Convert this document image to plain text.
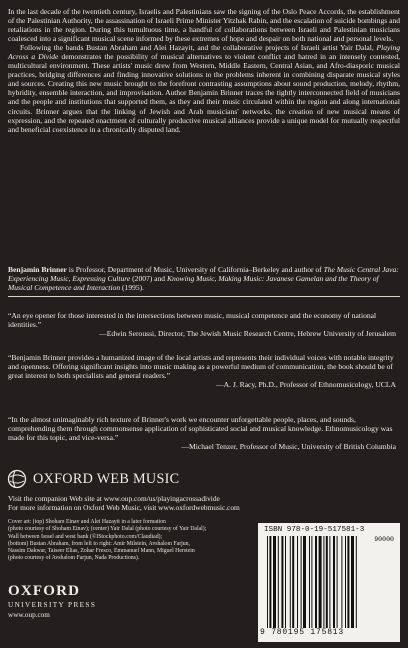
In the last decade of the twentieth century, Israelis and Palestinians saw the signing of the Oslo Peace Accords, the establishment of the Palestinian Authority, the assassination of Israeli Prime Minister Yitzhak Rabin, and the escalation of suicide bombings and retaliations in the region. During this tumultuous time, a handful of collaborations between Israeli and Palestinian musicians coalesced into a significant musical scene informed by these extremes of hope and despair on both national and personal levels.

Following the bands Bustan Abraham and Alei Hazayit, and the collaborative projects of Israeli artist Yair Dalal, Playing Across a Divide demonstrates the possibility of musical alternatives to violent conflict and hatred in an intensely contested, multicultural environment. These artists' music drew from Western, Middle Eastern, Central Asian, and Afro-diasporic musical practices, bridging differences and finding innovative solutions to the problems inherent in combining disparate musical styles and sources. Creating this new music brought to the forefront contrasting assumptions about sound production, melody, rhythm, hybridity, ensemble interaction, and improvisation. Author Benjamin Brinner traces the tightly interconnected field of musicians and the people and institutions that supported them, as they and their music circulated within the region and along international circuits. Brinner argues that the linking of Jewish and Arab musicians' networks, the creation of new musical means of expression, and the repeated enactment of culturally productive musical alliances provide a unique model for mutually respectful and beneficial coexistence in a chronically disputed land.

Benjamin Brinner is Professor, Department of Music, University of California–Berkeley and author of The Music Central Java: Experiencing Music, Expressing Culture (2007) and Knowing Music, Making Music: Javanese Gamelan and the Theory of Musical Competence and Interaction (1995).

“An eye opener for those interested in the intersections between music, musical competence and the economy of national identities.”

—Edwin Seroussi, Director, The Jewish Music Research Centre, Hebrew University of Jerusalem

“Benjamin Brinner provides a humanized image of the local artists and represents their individual voices with notable integrity and openness. Offering significant insights into music making as a powerful medium of communication, the book should be of great interest to both specialists and general readers.”

—A. J. Racy, Ph.D., Professor of Ethnomusicology, UCLA

“In the almost unimaginably rich texture of Brinner's work we encounter unforgettable people, places, and sounds, comprehending them through commonsense application of sophisticated social and musical knowledge. Ethnomusicology was made for this topic, and vice-versa.”

—Michael Tenzer, Professor of Music, University of British Columbia
OXFORD WEB MUSIC

Visit the companion Web site at www.oup.com/us/playingacrossadivide

For more information on Oxford Web Music, visit www.oxfordwebmusic.com

Cover art: (top) Shoham Einav and Alei Hazayit in a later formation

(photo courtesy of Shoham Einav); (center) Yair Dalal (photo courtesy of Yair Dalal);

Wall between Israel and west bank (©IStockphoto.com/Claudiad);

(bottom) Bustan Abraham, from left to right: Amir Milstein, Avshalom Farjun,

Nassim Dakwar, Taiseer Elias, Zohar Fresco, Emmanuel Mann, Miguel Herstein

(photo courtesy of Avshalom Farjun, Nada Productions).

OXFORD
UNIVERSITY PRESS
www.oup.com
ISBN 978-0-19-517581-3
90000
9 780195 175813
